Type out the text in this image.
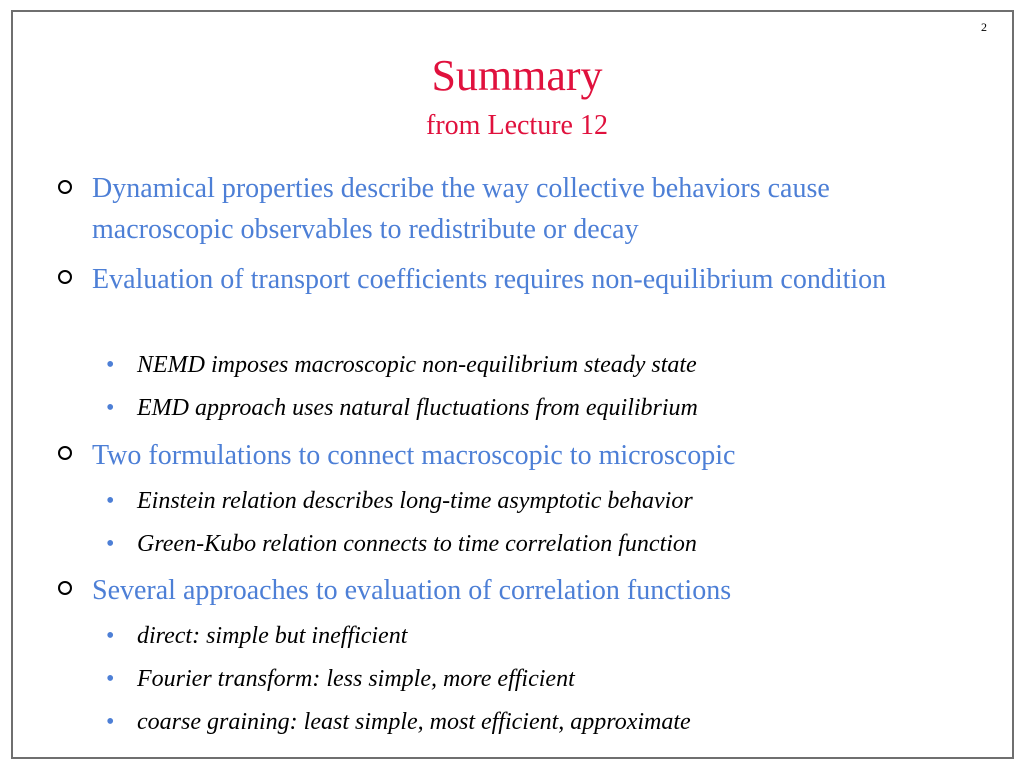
2
Summary
from Lecture 12
Dynamical properties describe the way collective behaviors cause macroscopic observables to redistribute or decay
Evaluation of transport coefficients requires non-equilibrium condition
• NEMD imposes macroscopic non-equilibrium steady state
• EMD approach uses natural fluctuations from equilibrium
Two formulations to connect macroscopic to microscopic
• Einstein relation describes long-time asymptotic behavior
• Green-Kubo relation connects to time correlation function
Several approaches to evaluation of correlation functions
• direct: simple but inefficient
• Fourier transform: less simple, more efficient
• coarse graining: least simple, most efficient, approximate
